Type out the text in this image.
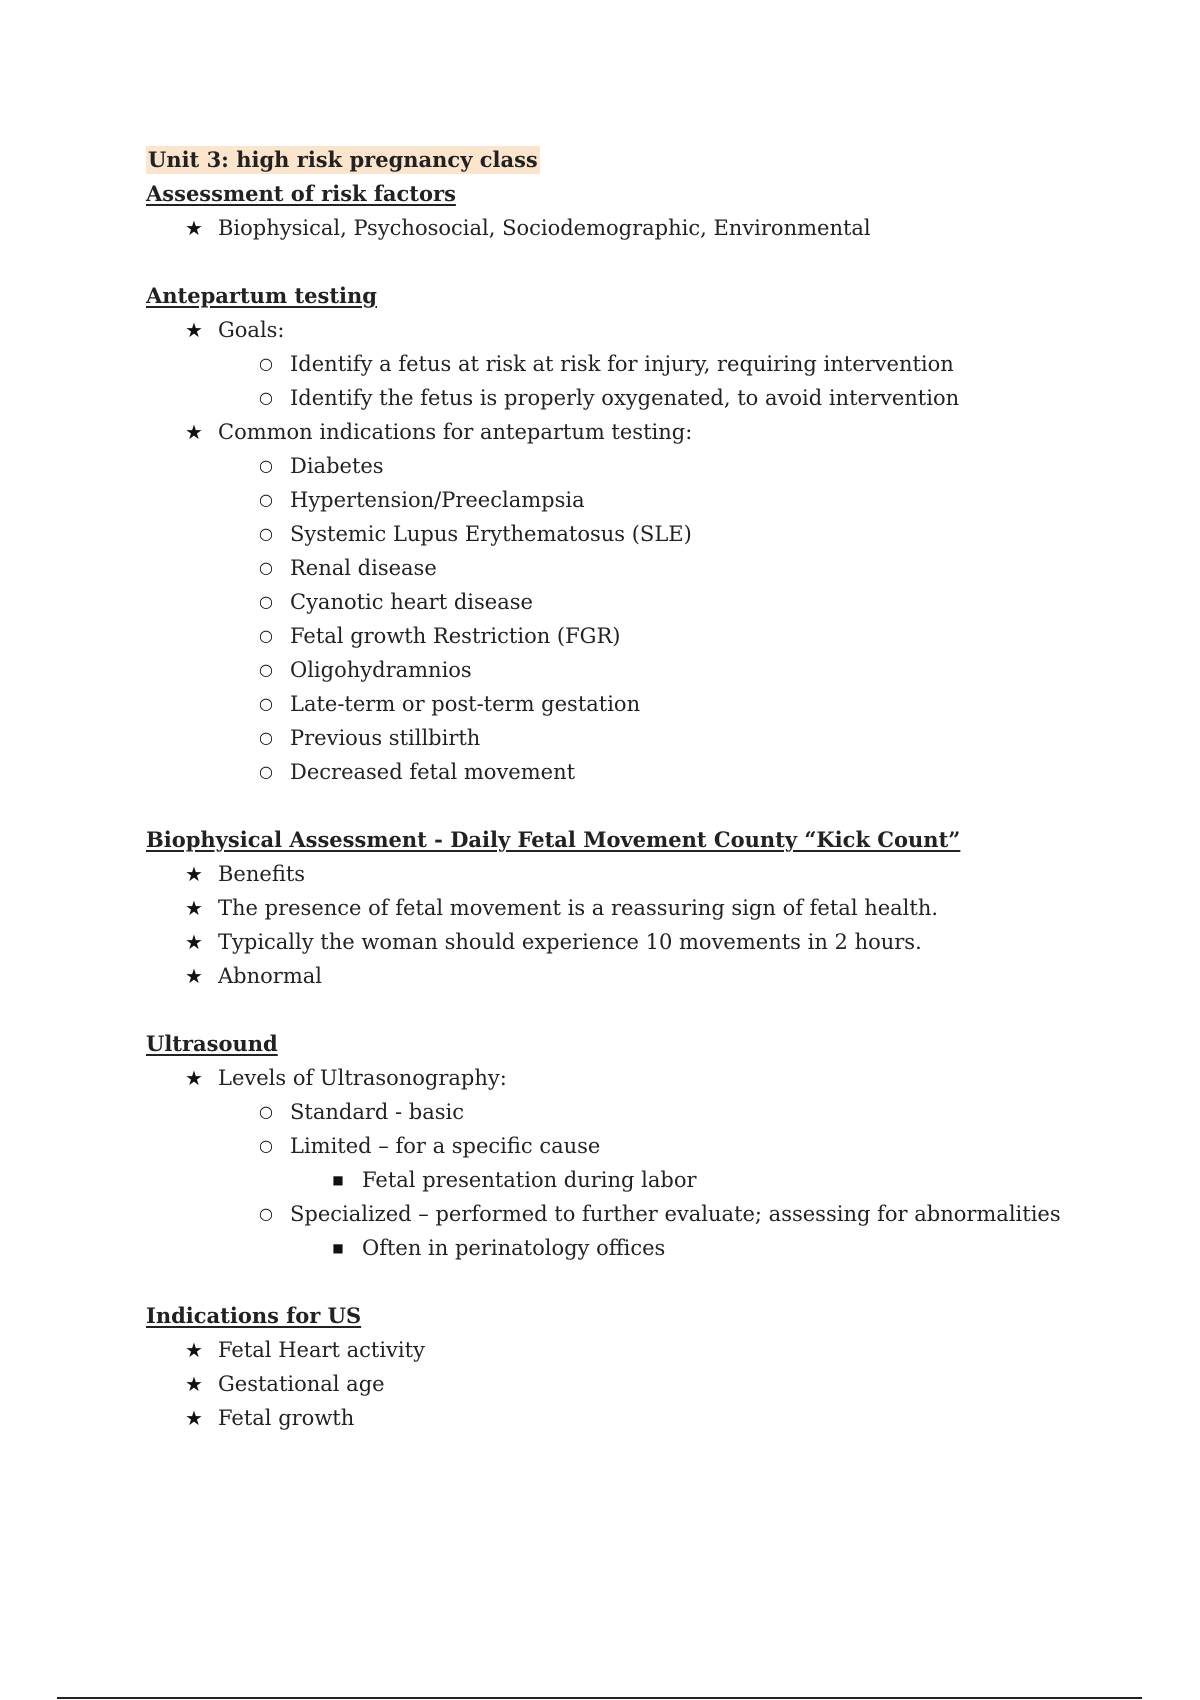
Unit 3: high risk pregnancy class
Assessment of risk factors
★ Biophysical, Psychosocial, Sociodemographic, Environmental
Antepartum testing
★ Goals:
○ Identify a fetus at risk at risk for injury, requiring intervention
○ Identify the fetus is properly oxygenated, to avoid intervention
★ Common indications for antepartum testing:
○ Diabetes
○ Hypertension/Preeclampsia
○ Systemic Lupus Erythematosus (SLE)
○ Renal disease
○ Cyanotic heart disease
○ Fetal growth Restriction (FGR)
○ Oligohydramnios
○ Late-term or post-term gestation
○ Previous stillbirth
○ Decreased fetal movement
Biophysical Assessment - Daily Fetal Movement County “Kick Count”
★ Benefits
★ The presence of fetal movement is a reassuring sign of fetal health.
★ Typically the woman should experience 10 movements in 2 hours.
★ Abnormal
Ultrasound
★ Levels of Ultrasonography:
○ Standard - basic
○ Limited – for a specific cause
■ Fetal presentation during labor
○ Specialized – performed to further evaluate; assessing for abnormalities
■ Often in perinatology offices
Indications for US
★ Fetal Heart activity
★ Gestational age
★ Fetal growth
